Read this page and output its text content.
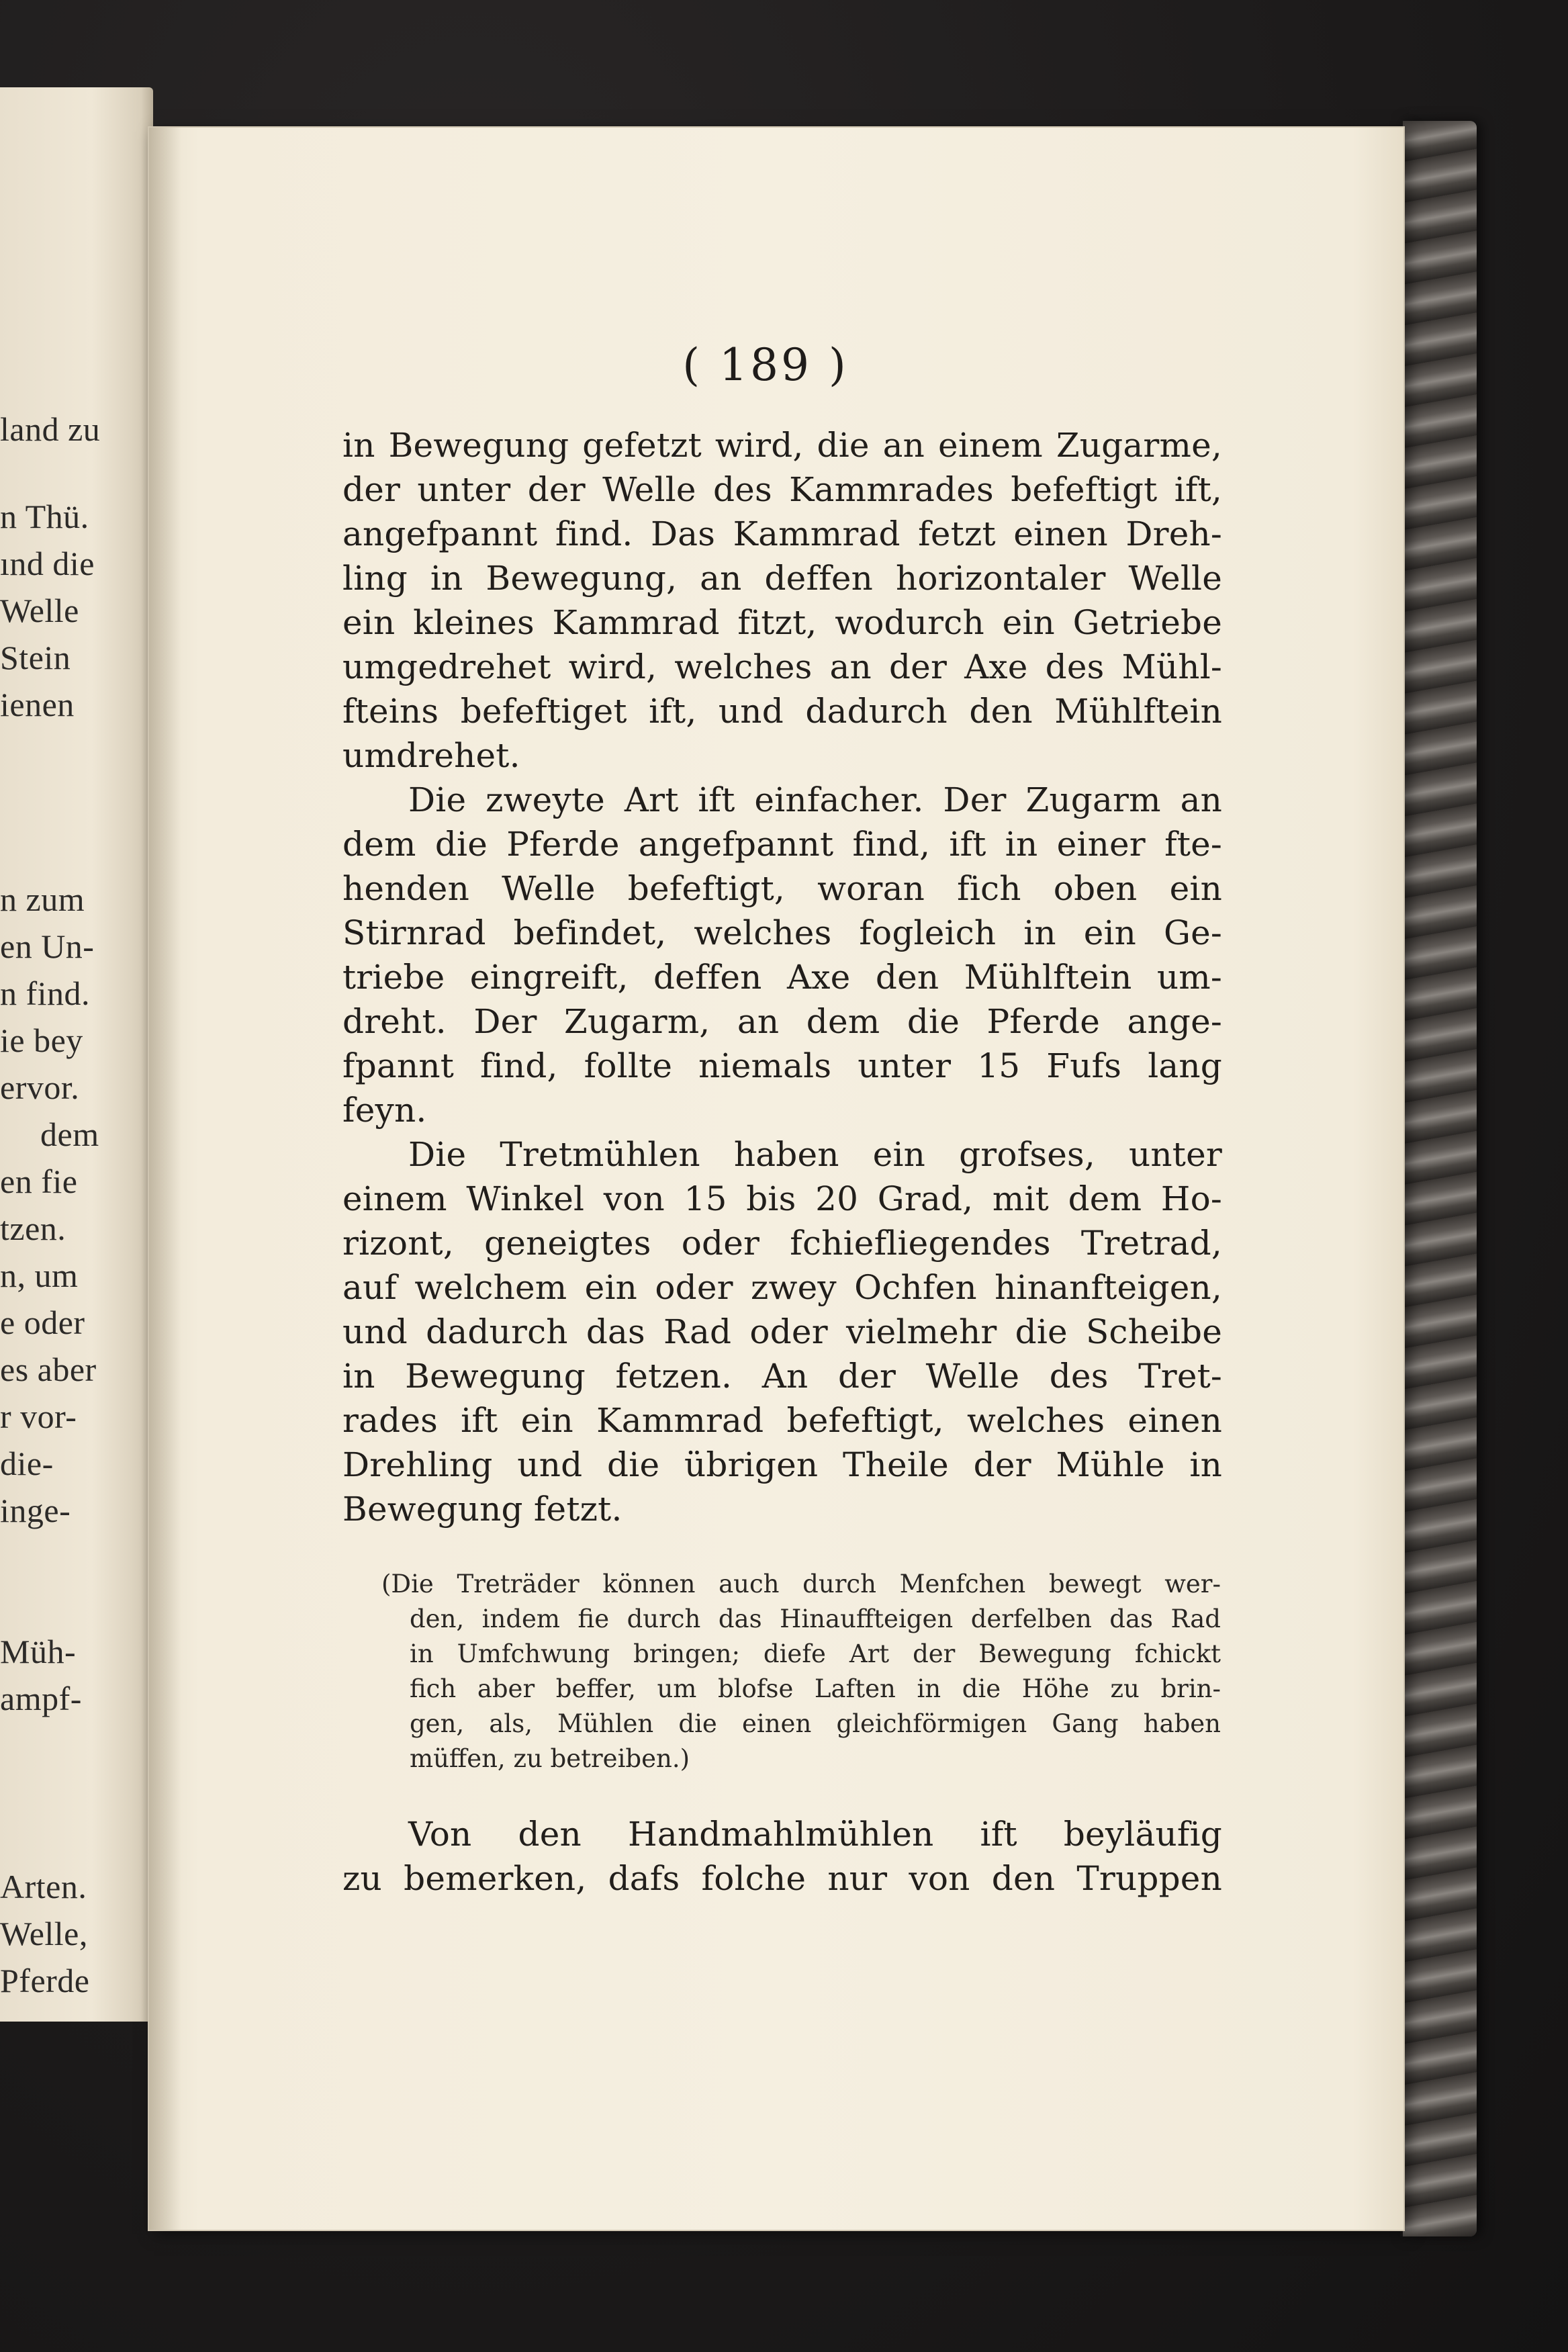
land zu
n Thü.
ınd die
Welle
Stein
ienen
n zum
en Un-
n find.
ie bey
ervor.
dem
en fie
tzen.
n, um
e oder
es aber
r vor-
die-
inge-
Müh-
ampf-
Arten.
Welle,
Pferde
( 189 )
in Bewegung gefetzt wird, die an einem Zugarme,
der unter der Welle des Kammrades befeftigt ift,
angefpannt find. Das Kammrad fetzt einen Dreh-
ling in Bewegung, an deffen horizontaler Welle
ein kleines Kammrad fitzt, wodurch ein Getriebe
umgedrehet wird, welches an der Axe des Mühl-
fteins befeftiget ift, und dadurch den Mühlftein
umdrehet.
Die zweyte Art ift einfacher. Der Zugarm an
dem die Pferde angefpannt find, ift in einer fte-
henden Welle befeftigt, woran fich oben ein
Stirnrad befindet, welches fogleich in ein Ge-
triebe eingreift, deffen Axe den Mühlftein um-
dreht. Der Zugarm, an dem die Pferde ange-
fpannt find, follte niemals unter 15 Fufs lang
feyn.
Die Tretmühlen haben ein grofses, unter
einem Winkel von 15 bis 20 Grad, mit dem Ho-
rizont, geneigtes oder fchiefliegendes Tretrad,
auf welchem ein oder zwey Ochfen hinanfteigen,
und dadurch das Rad oder vielmehr die Scheibe
in Bewegung fetzen. An der Welle des Tret-
rades ift ein Kammrad befeftigt, welches einen
Drehling und die übrigen Theile der Mühle in
Bewegung fetzt.
(Die Treträder können auch durch Menfchen bewegt wer-
den, indem fie durch das Hinauffteigen derfelben das Rad
in Umfchwung bringen; diefe Art der Bewegung fchickt
fich aber beffer, um blofse Laften in die Höhe zu brin-
gen, als, Mühlen die einen gleichförmigen Gang haben
müffen, zu betreiben.)
Von den Handmahlmühlen ift beyläufig
zu bemerken, dafs folche nur von den Truppen
